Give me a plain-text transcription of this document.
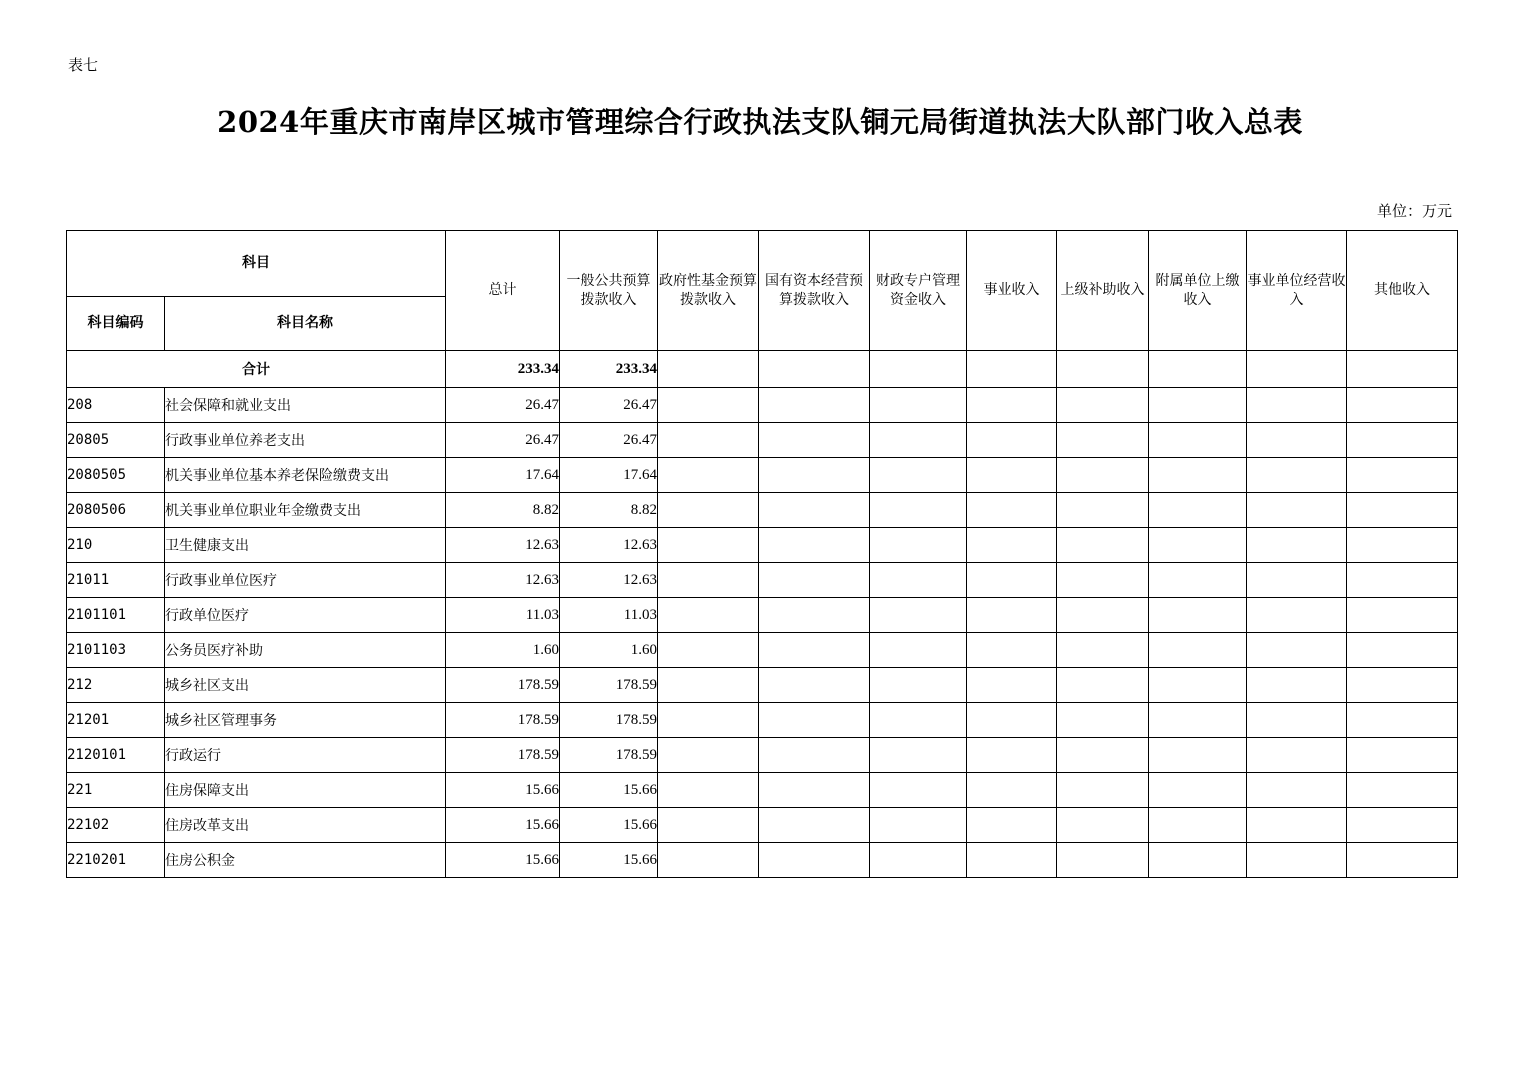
表七
2024年重庆市南岸区城市管理综合行政执法支队铜元局街道执法大队部门收入总表
单位：万元
科目		总计	一般公共预算拨款收入	政府性基金预算拨款收入	国有资本经营预算拨款收入	财政专户管理资金收入	事业收入	上级补助收入	附属单位上缴收入	事业单位经营收入	其他收入
科目编码	科目名称										
合计		233.34	233.34								
208	社会保障和就业支出	26.47	26.47								
20805	行政事业单位养老支出	26.47	26.47								
2080505	机关事业单位基本养老保险缴费支出	17.64	17.64								
2080506	机关事业单位职业年金缴费支出	8.82	8.82								
210	卫生健康支出	12.63	12.63								
21011	行政事业单位医疗	12.63	12.63								
2101101	行政单位医疗	11.03	11.03								
2101103	公务员医疗补助	1.60	1.60								
212	城乡社区支出	178.59	178.59								
21201	城乡社区管理事务	178.59	178.59								
2120101	行政运行	178.59	178.59								
221	住房保障支出	15.66	15.66								
22102	住房改革支出	15.66	15.66								
2210201	住房公积金	15.66	15.66								
